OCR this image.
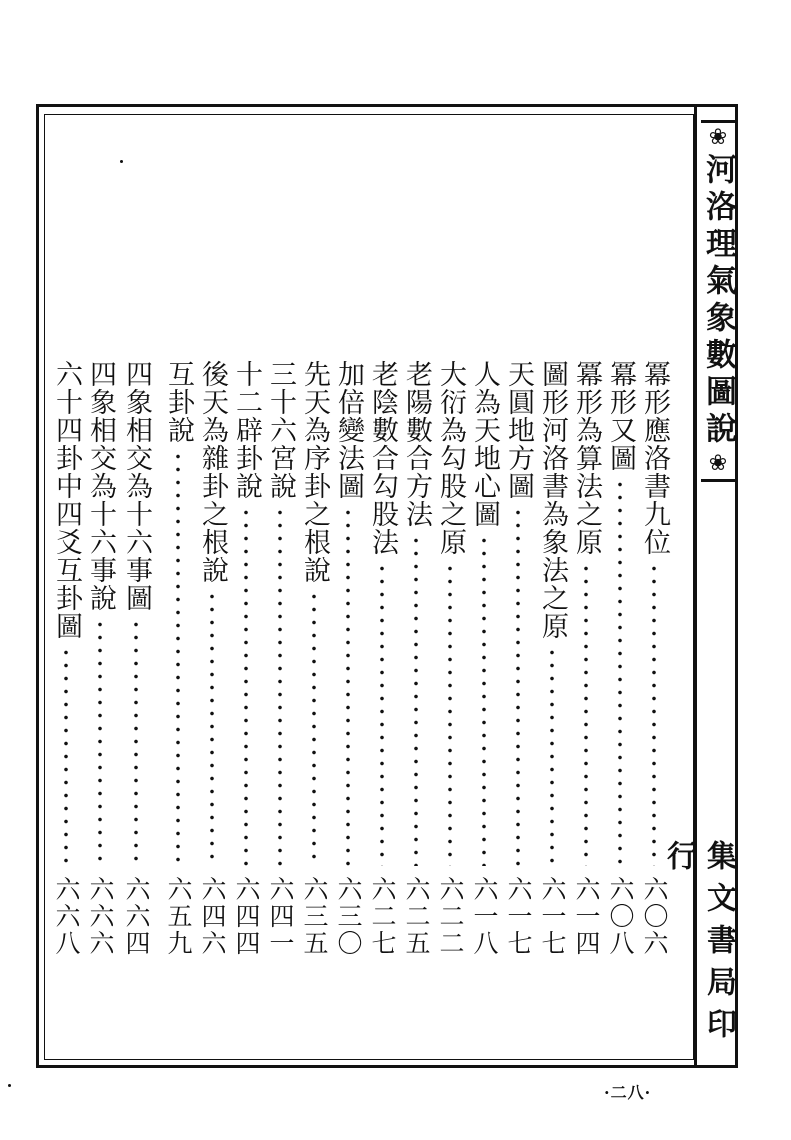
❀
河洛理氣象數圖說
❀
集文書局印行
冪形應洛書九位
六〇六
冪形又圖
六〇八
冪形為算法之原
六一四
圖形河洛書為象法之原
六一七
天圓地方圖
六一七
人為天地心圖
六一八
大衍為勾股之原
六二二
老陽數合方法
六二五
老陰數合勾股法
六二七
加倍變法圖
六三〇
先天為序卦之根說
六三五
三十六宮說
六四一
十二辟卦說
六四四
後天為雜卦之根說
六四六
互卦說
六五九
四象相交為十六事圖
六六四
四象相交為十六事說
六六六
六十四卦中四爻互卦圖
六六八
·二八·
